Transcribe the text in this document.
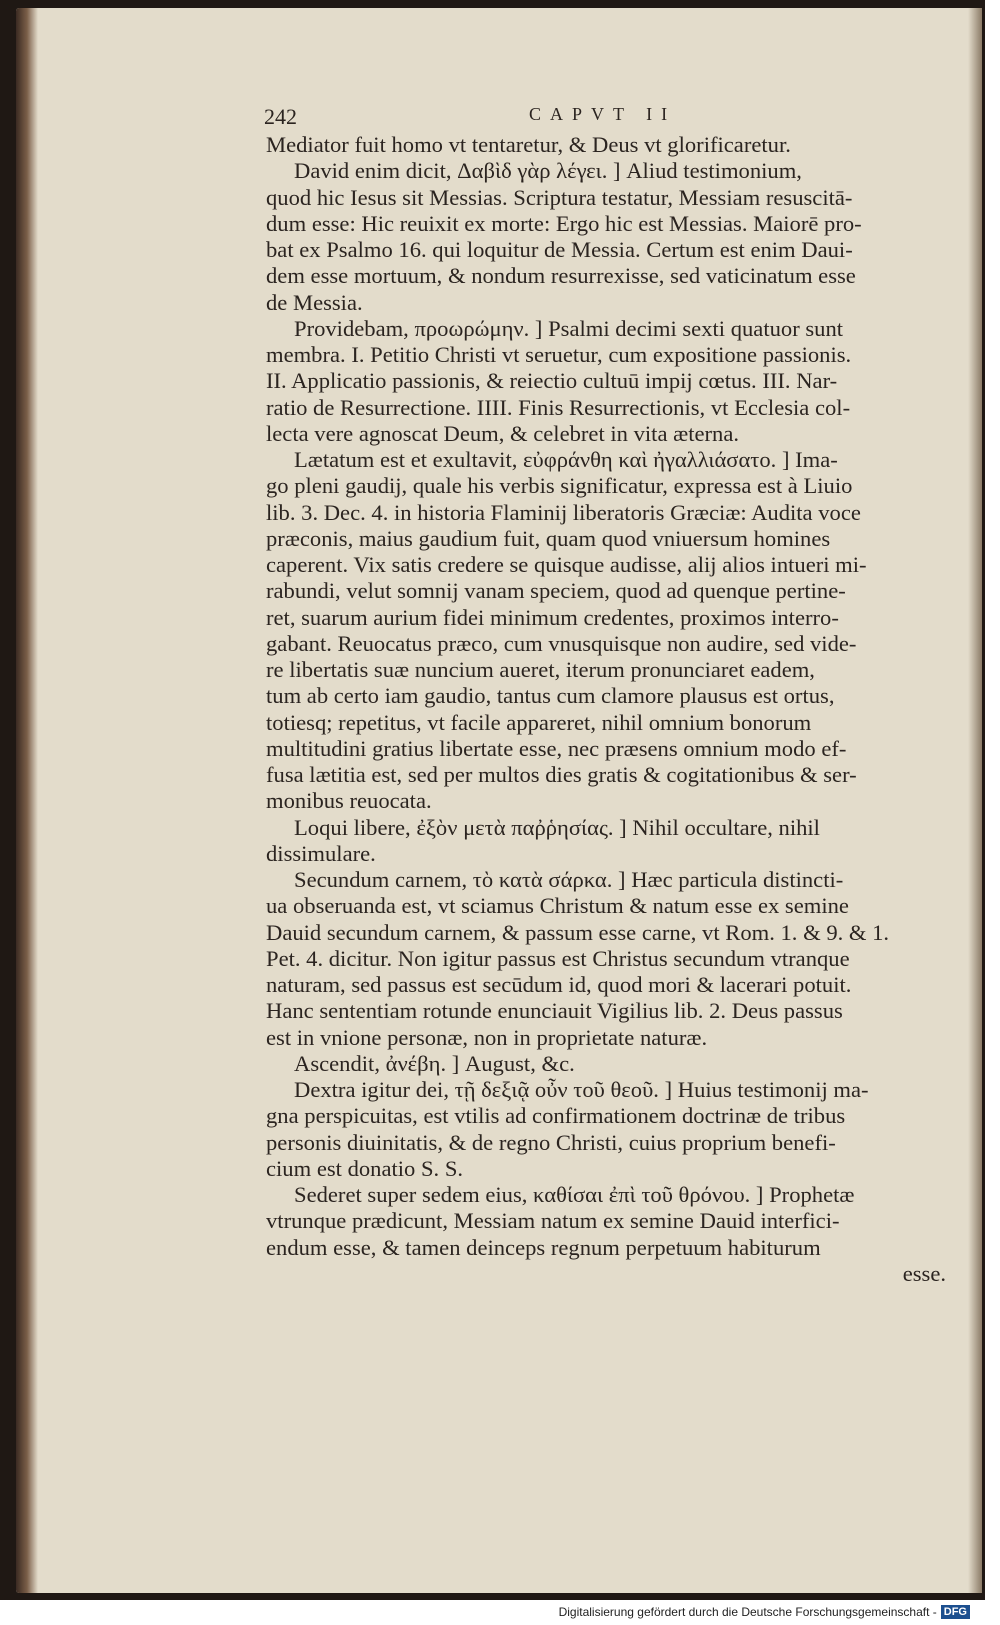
242	CAPVT II
Mediator fuit homo vt tentaretur, & Deus vt glorificaretur.
David enim dicit, Δαβὶδ γὰρ λέγει. ] Aliud testimonium,
quod hic Iesus sit Messias. Scriptura testatur, Messiam resuscitā-
dum esse: Hic reuixit ex morte: Ergo hic est Messias. Maiorē pro-
bat ex Psalmo 16. qui loquitur de Messia. Certum est enim Daui-
dem esse mortuum, & nondum resurrexisse, sed vaticinatum esse
de Messia.
Providebam, προωρώμην. ] Psalmi decimi sexti quatuor sunt
membra. I. Petitio Christi vt seruetur, cum expositione passionis.
II. Applicatio passionis, & reiectio cultuū impij cœtus. III. Nar-
ratio de Resurrectione. IIII. Finis Resurrectionis, vt Ecclesia col-
lecta vere agnoscat Deum, & celebret in vita æterna.
Lætatum est et exultavit, εὐφράνθη καὶ ἠγαλλιάσατο. ] Ima-
go pleni gaudij, quale his verbis significatur, expressa est à Liuio
lib. 3. Dec. 4. in historia Flaminij liberatoris Græciæ: Audita voce
præconis, maius gaudium fuit, quam quod vniuersum homines
caperent. Vix satis credere se quisque audisse, alij alios intueri mi-
rabundi, velut somnij vanam speciem, quod ad quenque pertine-
ret, suarum aurium fidei minimum credentes, proximos interro-
gabant. Reuocatus præco, cum vnusquisque non audire, sed vide-
re libertatis suæ nuncium aueret, iterum pronunciaret eadem,
tum ab certo iam gaudio, tantus cum clamore plausus est ortus,
totiesq; repetitus, vt facile appareret, nihil omnium bonorum
multitudini gratius libertate esse, nec præsens omnium modo ef-
fusa lætitia est, sed per multos dies gratis & cogitationibus & ser-
monibus reuocata.
Loqui libere, ἐξὸν μετὰ παῤῥησίας. ] Nihil occultare, nihil
dissimulare.
Secundum carnem, τὸ κατὰ σάρκα. ] Hæc particula distincti-
ua obseruanda est, vt sciamus Christum & natum esse ex semine
Dauid secundum carnem, & passum esse carne, vt Rom. 1. & 9. & 1.
Pet. 4. dicitur. Non igitur passus est Christus secundum vtranque
naturam, sed passus est secūdum id, quod mori & lacerari potuit.
Hanc sententiam rotunde enunciauit Vigilius lib. 2. Deus passus
est in vnione personæ, non in proprietate naturæ.
Ascendit, ἀνέβη. ] August, &c.
Dextra igitur dei, τῇ δεξιᾷ οὖν τοῦ θεοῦ. ] Huius testimonij ma-
gna perspicuitas, est vtilis ad confirmationem doctrinæ de tribus
personis diuinitatis, & de regno Christi, cuius proprium benefi-
cium est donatio S. S.
Sederet super sedem eius, καθίσαι ἐπὶ τοῦ θρόνου. ] Prophetæ
vtrunque prædicunt, Messiam natum ex semine Dauid interfici-
endum esse, & tamen deinceps regnum perpetuum habiturum
esse.
Digitalisierung gefördert durch die Deutsche Forschungsgemeinschaft - DFG
